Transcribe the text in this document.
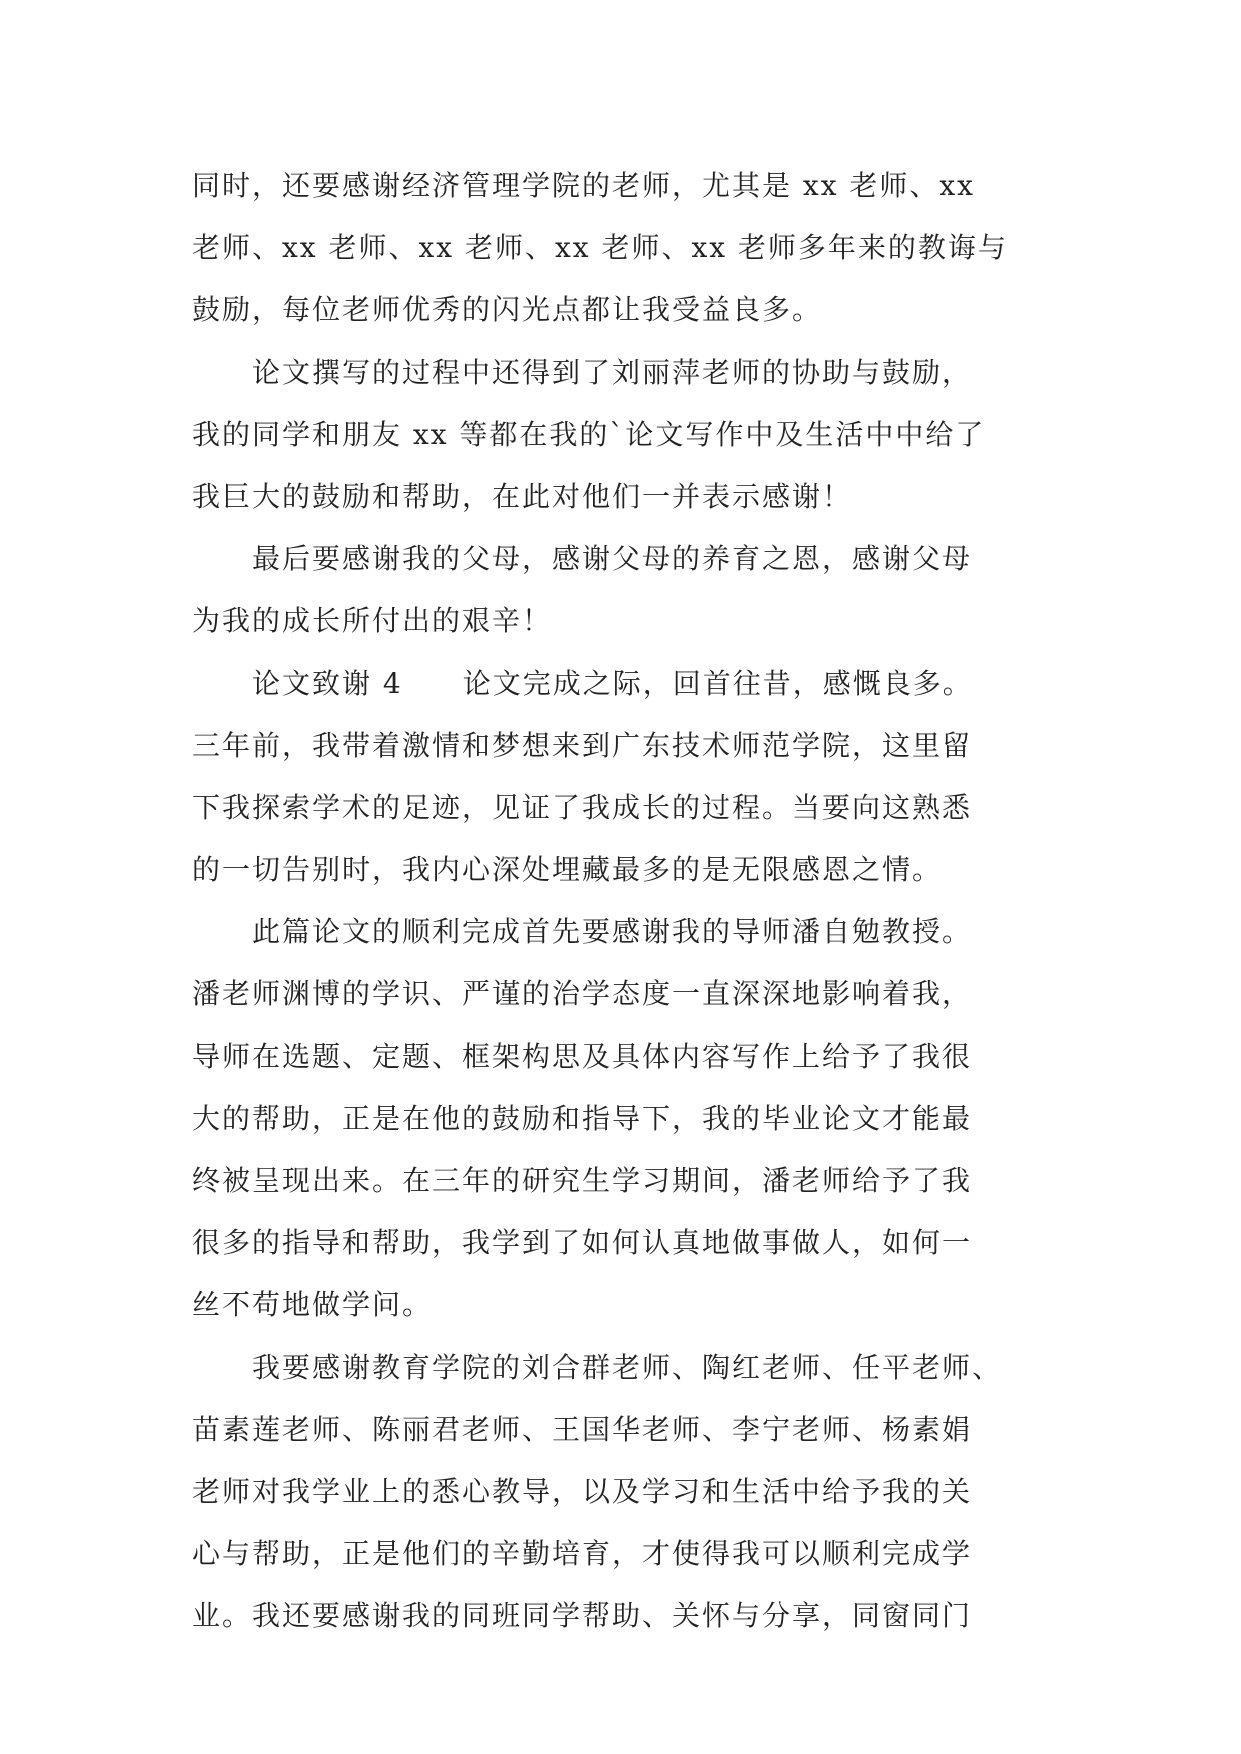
同时，还要感谢经济管理学院的老师，尤其是 xx 老师、xx
老师、xx 老师、xx 老师、xx 老师、xx 老师多年来的教诲与
鼓励，每位老师优秀的闪光点都让我受益良多。
　　论文撰写的过程中还得到了刘丽萍老师的协助与鼓励，
我的同学和朋友 xx 等都在我的`论文写作中及生活中中给了
我巨大的鼓励和帮助，在此对他们一并表示感谢！
　　最后要感谢我的父母，感谢父母的养育之恩，感谢父母
为我的成长所付出的艰辛！
　　论文致谢 4　　论文完成之际，回首往昔，感慨良多。
三年前，我带着激情和梦想来到广东技术师范学院，这里留
下我探索学术的足迹，见证了我成长的过程。当要向这熟悉
的一切告别时，我内心深处埋藏最多的是无限感恩之情。
　　此篇论文的顺利完成首先要感谢我的导师潘自勉教授。
潘老师渊博的学识、严谨的治学态度一直深深地影响着我，
导师在选题、定题、框架构思及具体内容写作上给予了我很
大的帮助，正是在他的鼓励和指导下，我的毕业论文才能最
终被呈现出来。在三年的研究生学习期间，潘老师给予了我
很多的指导和帮助，我学到了如何认真地做事做人，如何一
丝不苟地做学问。
　　我要感谢教育学院的刘合群老师、陶红老师、任平老师、
苗素莲老师、陈丽君老师、王国华老师、李宁老师、杨素娟
老师对我学业上的悉心教导，以及学习和生活中给予我的关
心与帮助，正是他们的辛勤培育，才使得我可以顺利完成学
业。我还要感谢我的同班同学帮助、关怀与分享，同窗同门
